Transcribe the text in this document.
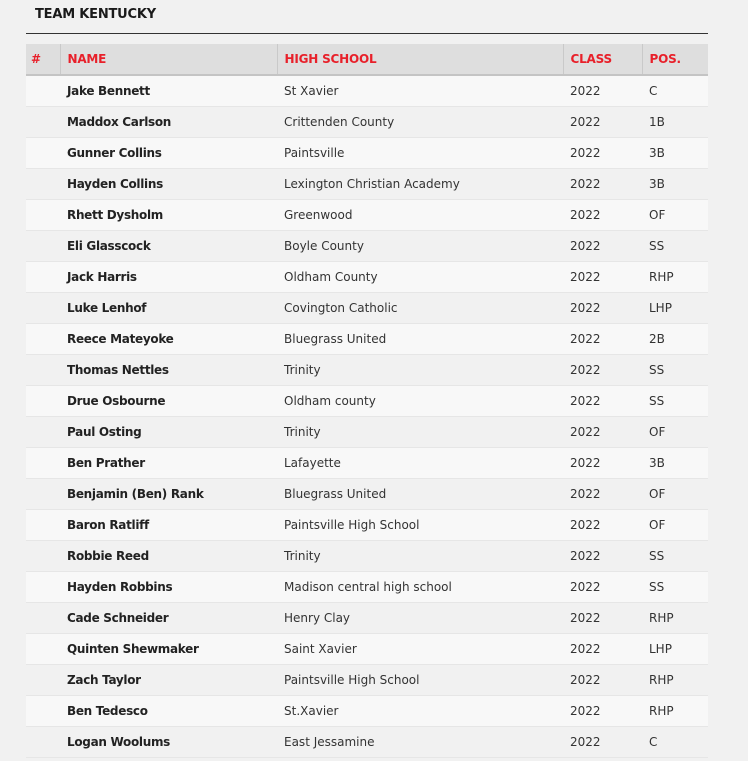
TEAM KENTUCKY
#	NAME	HIGH SCHOOL	CLASS	POS.
	Jake Bennett	St Xavier	2022	C
	Maddox Carlson	Crittenden County	2022	1B
	Gunner Collins	Paintsville	2022	3B
	Hayden Collins	Lexington Christian Academy	2022	3B
	Rhett Dysholm	Greenwood	2022	OF
	Eli Glasscock	Boyle County	2022	SS
	Jack Harris	Oldham County	2022	RHP
	Luke Lenhof	Covington Catholic	2022	LHP
	Reece Mateyoke	Bluegrass United	2022	2B
	Thomas Nettles	Trinity	2022	SS
	Drue Osbourne	Oldham county	2022	SS
	Paul Osting	Trinity	2022	OF
	Ben Prather	Lafayette	2022	3B
	Benjamin (Ben) Rank	Bluegrass United	2022	OF
	Baron Ratliff	Paintsville High School	2022	OF
	Robbie Reed	Trinity	2022	SS
	Hayden Robbins	Madison central high school	2022	SS
	Cade Schneider	Henry Clay	2022	RHP
	Quinten Shewmaker	Saint Xavier	2022	LHP
	Zach Taylor	Paintsville High School	2022	RHP
	Ben Tedesco	St.Xavier	2022	RHP
	Logan Woolums	East Jessamine	2022	C
